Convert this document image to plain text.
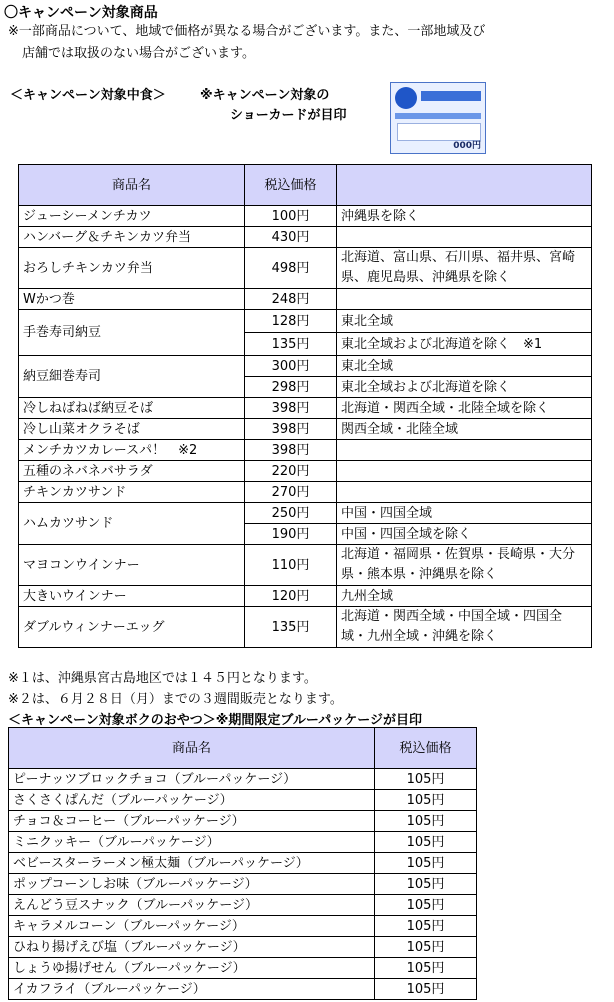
〇キャンペーン対象商品
※一部商品について、地域で価格が異なる場合がございます。また、一部地域及び
店舗では取扱のない場合がございます。
＜キャンペーン対象中食＞	※キャンペーン対象の
ショーカードが目印
000円
商品名	税込価格	
ジューシーメンチカツ	100円	沖縄県を除く
ハンバーグ＆チキンカツ弁当	430円	
おろしチキンカツ弁当	498円	北海道、富山県、石川県、福井県、宮崎県、鹿児島県、沖縄県を除く
Wかつ巻	248円	
手巻寿司納豆	128円	東北全域
	135円	東北全域および北海道を除く　※1
納豆細巻寿司	300円	東北全域
	298円	東北全域および北海道を除く
冷しねばねば納豆そば	398円	北海道・関西全域・北陸全域を除く
冷し山菜オクラそば	398円	関西全域・北陸全域
メンチカツカレースパ！　※2	398円	
五種のネバネバサラダ	220円	
チキンカツサンド	270円	
ハムカツサンド	250円	中国・四国全域
	190円	中国・四国全域を除く
マヨコンウインナー	110円	北海道・福岡県・佐賀県・長崎県・大分県・熊本県・沖縄県を除く
大きいウインナー	120円	九州全域
ダブルウィンナーエッグ	135円	北海道・関西全域・中国全域・四国全域・九州全域・沖縄を除く
※１は、沖縄県宮古島地区では１４５円となります。
※２は、６月２８日（月）までの３週間販売となります。
＜キャンペーン対象ボクのおやつ＞※期間限定ブルーパッケージが目印
商品名	税込価格
ピーナッツブロックチョコ（ブルーパッケージ）	105円
さくさくぱんだ（ブルーパッケージ）	105円
チョコ＆コーヒー（ブルーパッケージ）	105円
ミニクッキー（ブルーパッケージ）	105円
ベビースターラーメン極太麺（ブルーパッケージ）	105円
ポップコーンしお味（ブルーパッケージ）	105円
えんどう豆スナック（ブルーパッケージ）	105円
キャラメルコーン（ブルーパッケージ）	105円
ひねり揚げえび塩（ブルーパッケージ）	105円
しょうゆ揚げせん（ブルーパッケージ）	105円
イカフライ（ブルーパッケージ）	105円
